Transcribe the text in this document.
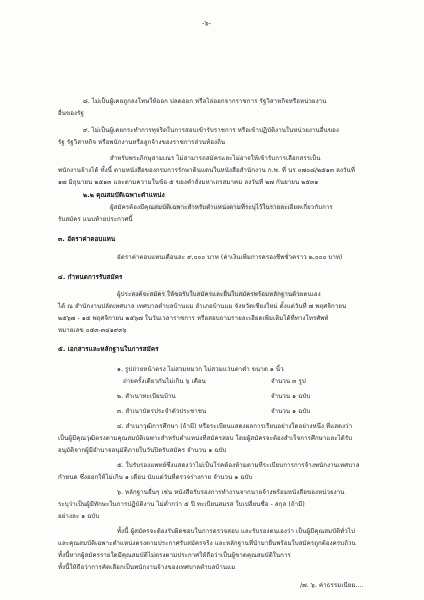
-๖-
๘. ไม่เป็นผู้เคยถูกลงโทษให้ออก ปลดออก หรือไล่ออกจากราชการ รัฐวิสาหกิจหรือหน่วยงาน
อื่นของรัฐ
๙. ไม่เป็นผู้เคยกระทำการทุจริตในการสอบเข้ารับราชการ หรือเข้าปฏิบัติงานในหน่วยงานอื่นของ
รัฐ รัฐวิสาหกิจ หรือพนักงานหรือลูกจ้างของราชการส่วนท้องถิ่น
สำหรับพระภิกษุสามเณร ไม่สามารถสมัครและไม่อาจให้เข้ารับการเลือกสรรเป็น
พนักงานจ้างได้ ทั้งนี้ ตามหนังสือของกรมการรักษาดินแดนในหนังสือสำนักงาน ก.พ. ที่ นร ๐๗๐๘/๒๕๑๓ ลงวันที่
๑๗ มิถุนายน ๒๕๑๓ และตามความในข้อ ๕ ของคำสั่งมหาเถรสมาคม ลงวันที่ ๒๗ กันยายน ๒๕๓๑
๒.๒ คุณสมบัติเฉพาะตำแหน่ง
ผู้สมัครต้องมีคุณสมบัติเฉพาะสำหรับตำแหน่งตามที่ระบุไว้ในรายละเอียดเกี่ยวกับการ
รับสมัคร แนบท้ายประกาศนี้
๓. อัตราค่าตอบแทน
อัตราค่าตอบแทนเดือนละ ๙,๐๐๐ บาท (ค่าเงินเพิ่มการครองชีพชั่วคราว ๒,๐๐๐ บาท)
๔. กำหนดการรับสมัคร
ผู้ประสงค์จะสมัคร ให้ขอรับใบสมัครและยื่นใบสมัครพร้อมหลักฐานด้วยตนเอง
ได้ ณ สำนักงานปลัดเทศบาล เทศบาลตำบลบ้านแม อำเภอบ้านแม จังหวัดเชียงใหม่ ตั้งแต่วันที่ ๗ พฤศจิกายน
๒๕๖๗ - ๑๕ พฤศจิกายน ๒๕๖๗ ในวันเวลาราชการ หรือสอบถามรายละเอียดเพิ่มเติมได้ที่ทางโทรศัพท์
หมายเลข ๐๕๓-๓๔๑๙๓๖
๕. เอกสารและหลักฐานในการสมัคร
๑. รูปถ่ายหน้าตรง ไม่สวมหมวก ไม่สวมแว่นตาดำ ขนาด ๑ นิ้ว
ถ่ายครั้งเดียวกันไม่เกิน ๖ เดือน	จำนวน ๓ รูป
๒. สำเนาทะเบียนบ้าน	จำนวน ๑ ฉบับ
๓. สำเนาบัตรประจำตัวประชาชน	จำนวน ๑ ฉบับ
๔. สำเนาวุฒิการศึกษา (ถ้ามี) หรือระเบียนแสดงผลการเรียนอย่างใดอย่างหนึ่ง ที่แสดงว่า
เป็นผู้มีคุณวุฒิตรงตามคุณสมบัติเฉพาะสำหรับตำแหน่งที่สมัครสอบ โดยผู้สมัครจะต้องสำเร็จการศึกษาและได้รับ
อนุมัติจากผู้มีอำนาจอนุมัติภายในวันปิดรับสมัคร จำนวน ๑ ฉบับ
๕. ใบรับรองแพทย์ซึ่งแสดงว่าไม่เป็นโรคต้องห้ามตามที่ระเบียบการการจ้างพนักงานเทศบาล
กำหนด ซึ่งออกให้ไม่เกิน ๑ เดือน นับแต่วันที่ตรวจร่างกาย จำนวน ๑ ฉบับ
๖. หลักฐานอื่นๆ เช่น หนังสือรับรองการทำงานจากนายจ้างพร้อมหนังสือของหน่วยงาน
ระบุว่าเป็นผู้มีทักษะในการปฏิบัติงาน ไม่ต่ำกว่า ๕ ปี ทะเบียนสมรส ใบเปลี่ยนชื่อ - สกุล (ถ้ามี)
อย่างละ ๑ ฉบับ
ทั้งนี้ ผู้สมัครจะต้องรับผิดชอบในการตรวจสอบ และรับรองตนเองว่า เป็นผู้มีคุณสมบัติทั่วไป
และคุณสมบัติเฉพาะตำแหน่งตรงตามประกาศรับสมัครจริง และหลักฐานที่นำมายื่นพร้อมใบสมัครถูกต้องครบถ้วน
ทั้งนี้หากผู้สมัครรายใดมีคุณสมบัติไม่ตรงตามประกาศให้ถือว่าเป็นผู้ขาดคุณสมบัติในการ
ทั้งนี้ให้ถือว่าการคัดเลือกเป็นพนักงานจ้างของเทศบาลตำบลบ้านแม
/๗. ๖. ค่าธรรมเนียม....
